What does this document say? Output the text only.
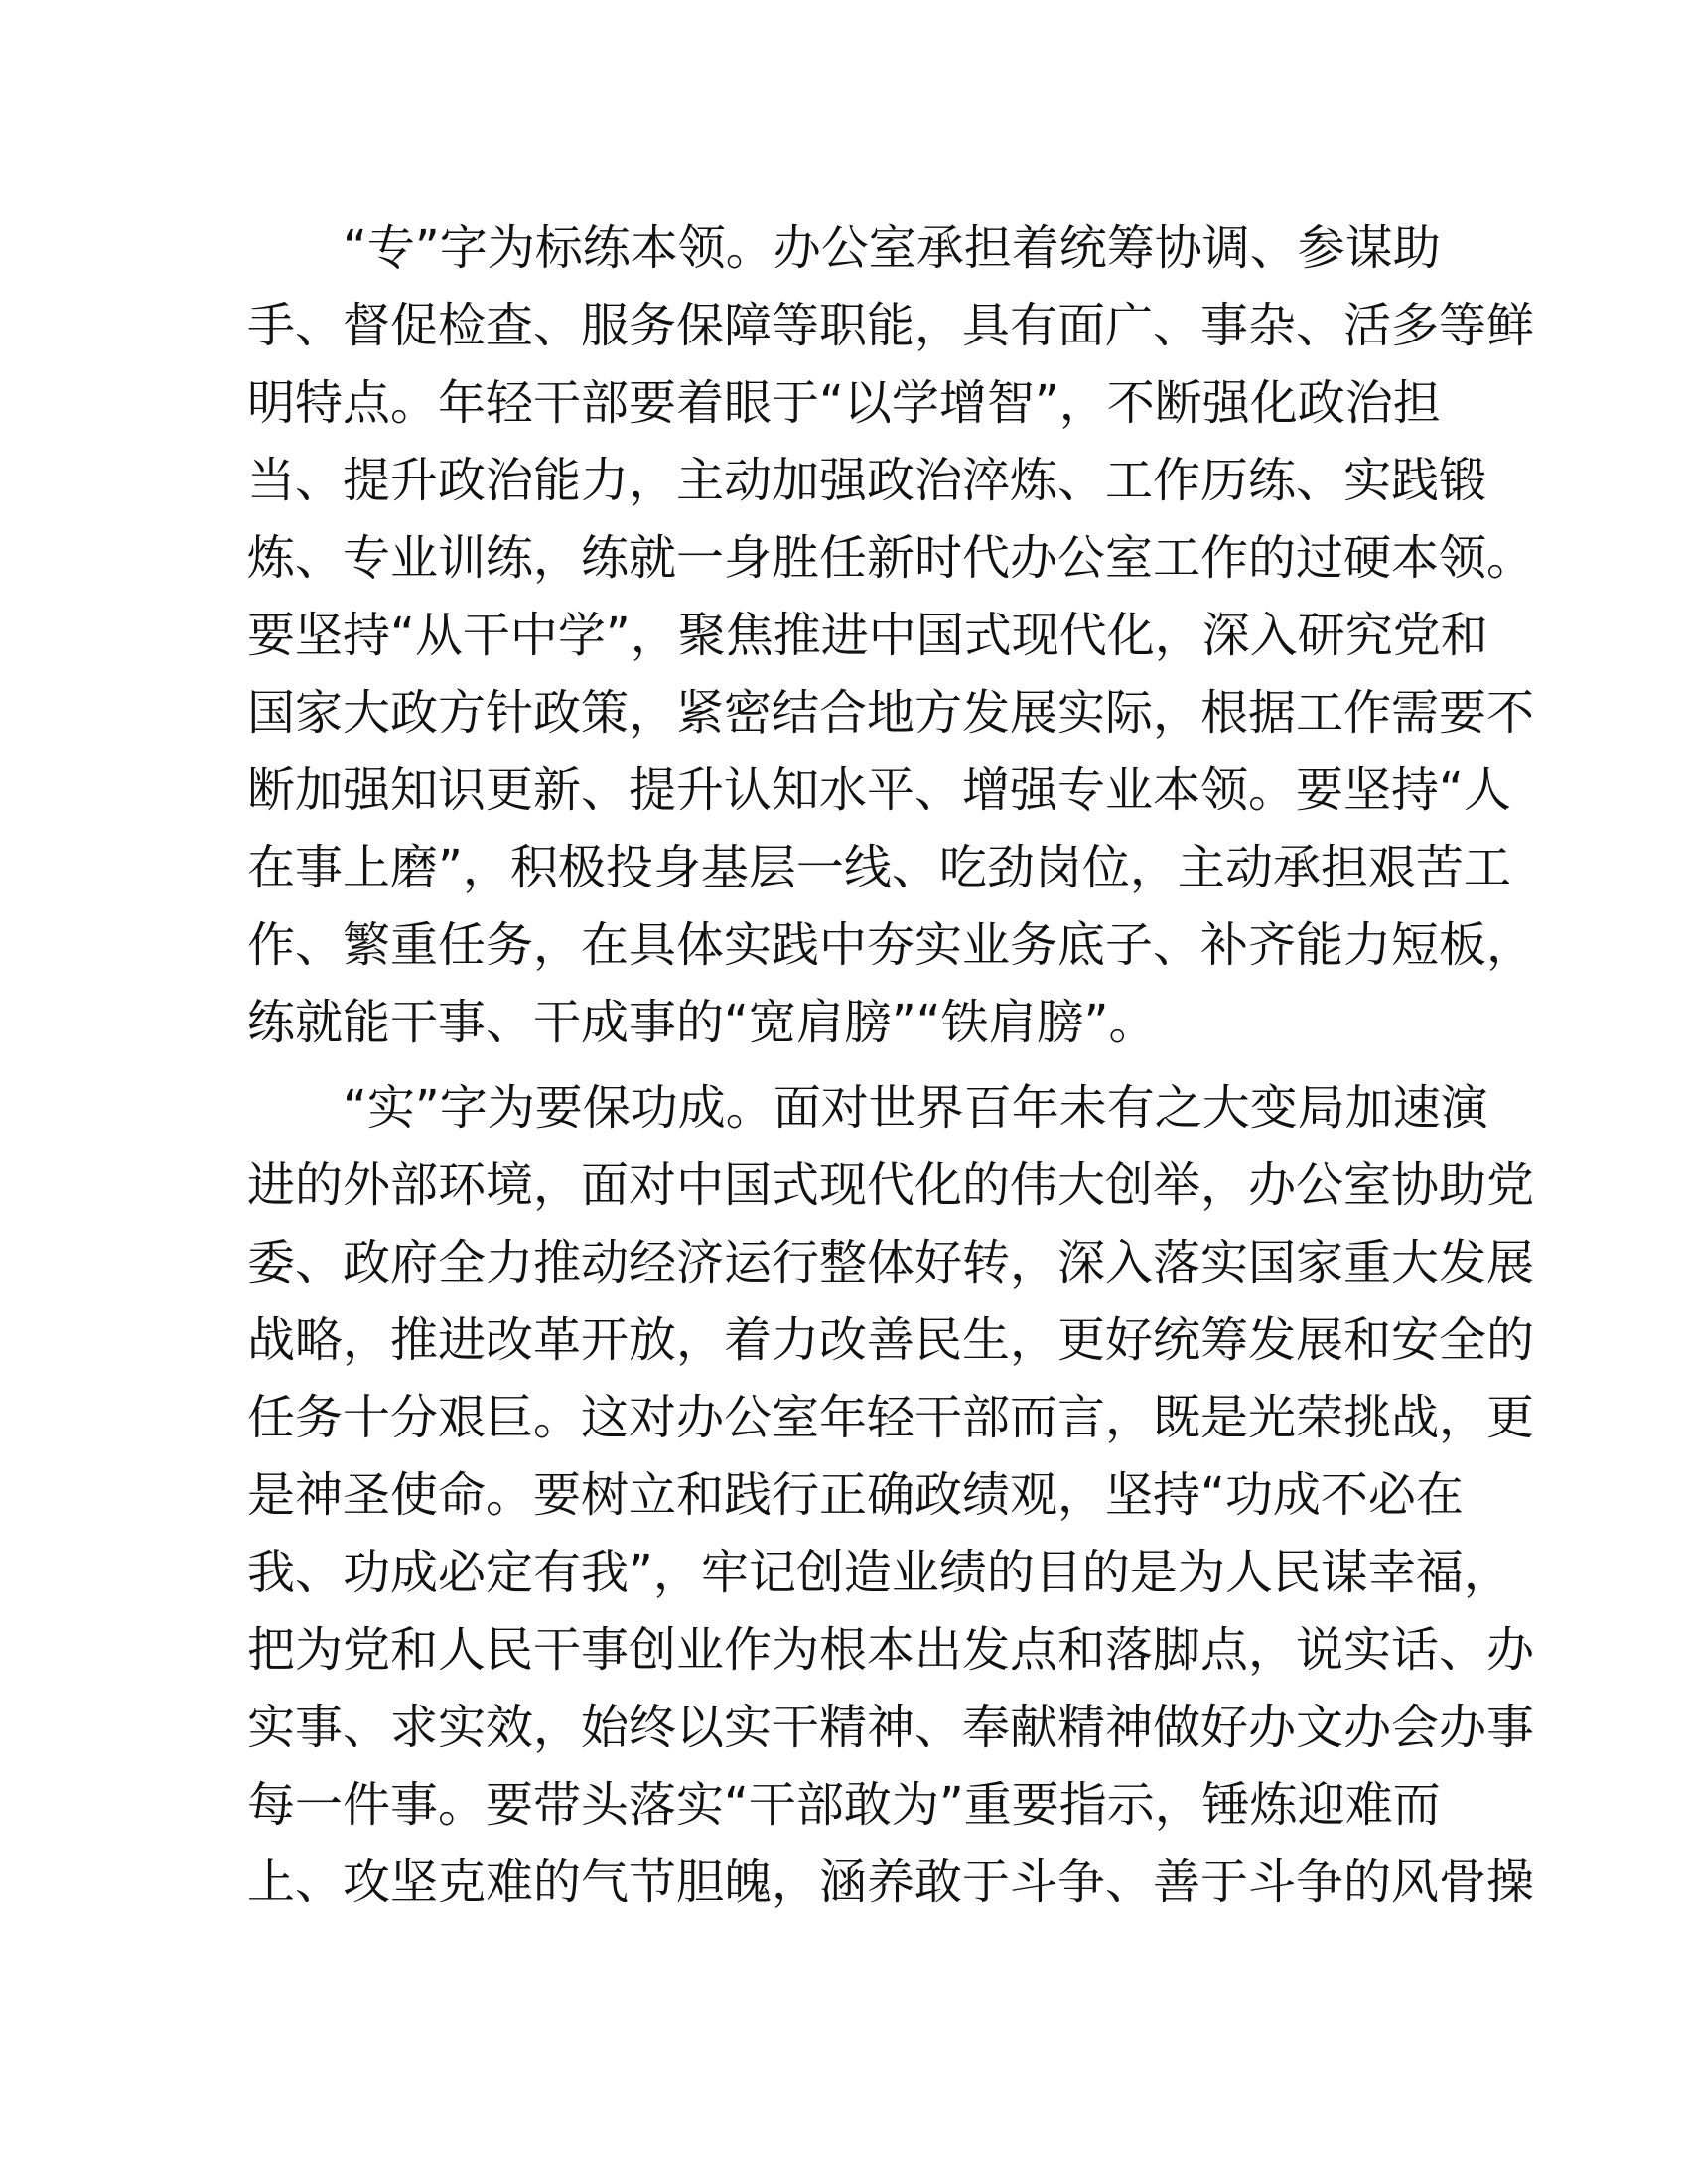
“专”字为标练本领。办公室承担着统筹协调、参谋助
手、督促检查、服务保障等职能，具有面广、事杂、活多等鲜
明特点。年轻干部要着眼于“以学增智”，不断强化政治担
当、提升政治能力，主动加强政治淬炼、工作历练、实践锻
炼、专业训练，练就一身胜任新时代办公室工作的过硬本领。
要坚持“从干中学”，聚焦推进中国式现代化，深入研究党和
国家大政方针政策，紧密结合地方发展实际，根据工作需要不
断加强知识更新、提升认知水平、增强专业本领。要坚持“人
在事上磨”，积极投身基层一线、吃劲岗位，主动承担艰苦工
作、繁重任务，在具体实践中夯实业务底子、补齐能力短板，
练就能干事、干成事的“宽肩膀”“铁肩膀”。
“实”字为要保功成。面对世界百年未有之大变局加速演
进的外部环境，面对中国式现代化的伟大创举，办公室协助党
委、政府全力推动经济运行整体好转，深入落实国家重大发展
战略，推进改革开放，着力改善民生，更好统筹发展和安全的
任务十分艰巨。这对办公室年轻干部而言，既是光荣挑战，更
是神圣使命。要树立和践行正确政绩观，坚持“功成不必在
我、功成必定有我”，牢记创造业绩的目的是为人民谋幸福，
把为党和人民干事创业作为根本出发点和落脚点，说实话、办
实事、求实效，始终以实干精神、奉献精神做好办文办会办事
每一件事。要带头落实“干部敢为”重要指示，锤炼迎难而
上、攻坚克难的气节胆魄，涵养敢于斗争、善于斗争的风骨操
